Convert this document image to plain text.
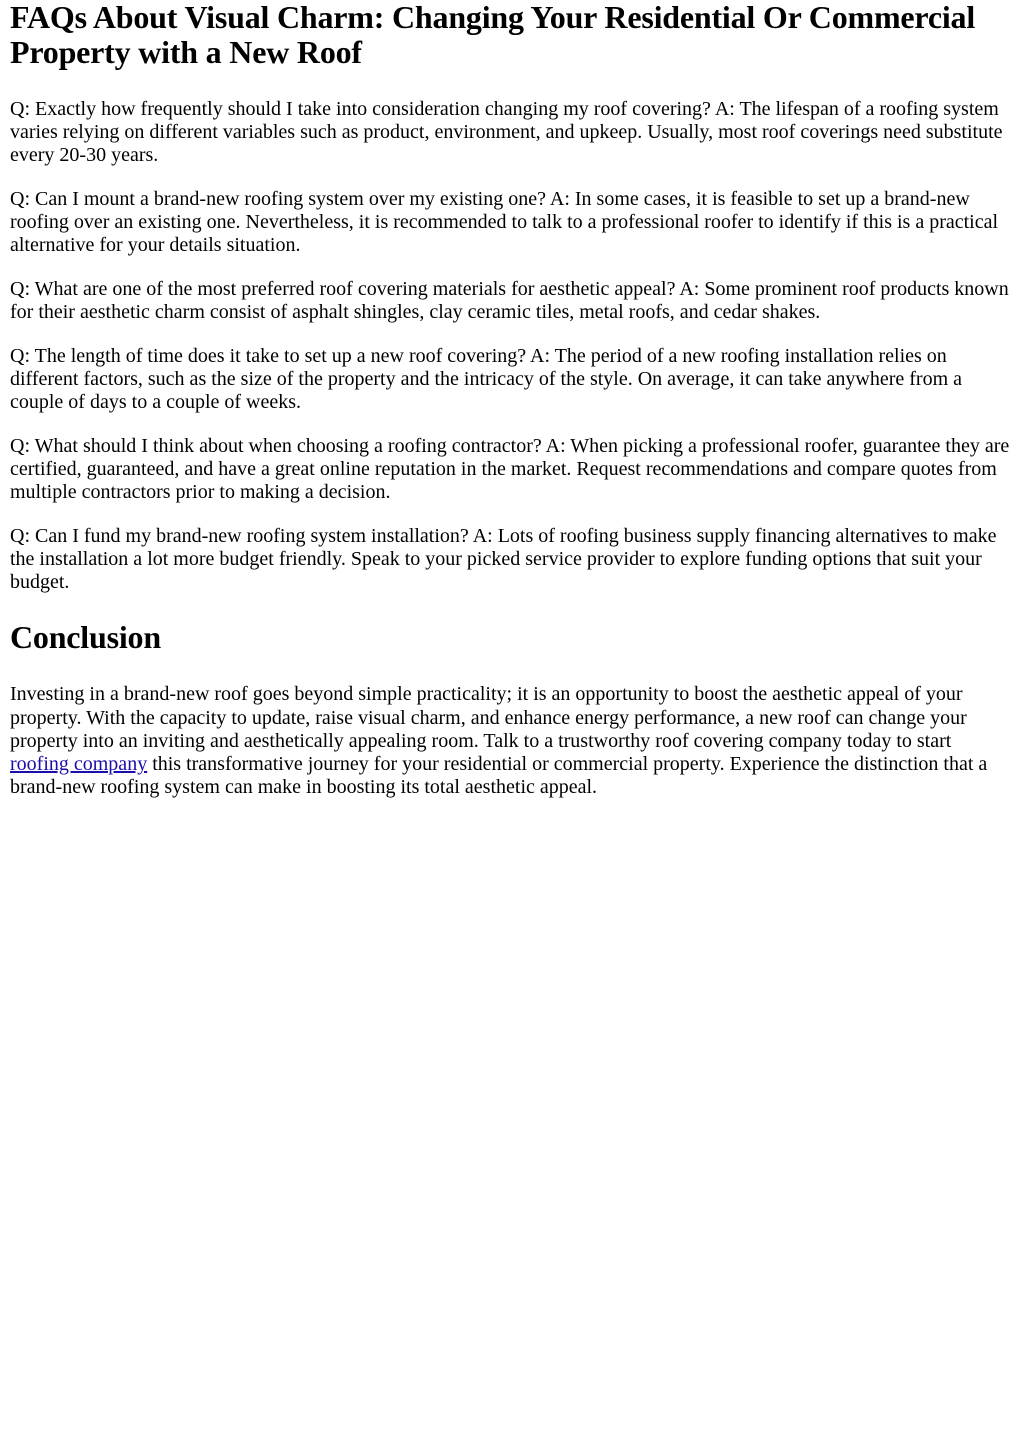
FAQs About Visual Charm: Changing Your Residential Or Commercial Property with a New Roof

Q: Exactly how frequently should I take into consideration changing my roof covering? A: The lifespan of a roofing system varies relying on different variables such as product, environment, and upkeep. Usually, most roof coverings need substitute every 20-30 years.

Q: Can I mount a brand-new roofing system over my existing one? A: In some cases, it is feasible to set up a brand-new roofing over an existing one. Nevertheless, it is recommended to talk to a professional roofer to identify if this is a practical alternative for your details situation.

Q: What are one of the most preferred roof covering materials for aesthetic appeal? A: Some prominent roof products known for their aesthetic charm consist of asphalt shingles, clay ceramic tiles, metal roofs, and cedar shakes.

Q: The length of time does it take to set up a new roof covering? A: The period of a new roofing installation relies on different factors, such as the size of the property and the intricacy of the style. On average, it can take anywhere from a couple of days to a couple of weeks.

Q: What should I think about when choosing a roofing contractor? A: When picking a professional roofer, guarantee they are certified, guaranteed, and have a great online reputation in the market. Request recommendations and compare quotes from multiple contractors prior to making a decision.

Q: Can I fund my brand-new roofing system installation? A: Lots of roofing business supply financing alternatives to make the installation a lot more budget friendly. Speak to your picked service provider to explore funding options that suit your budget.

Conclusion

Investing in a brand-new roof goes beyond simple practicality; it is an opportunity to boost the aesthetic appeal of your property. With the capacity to update, raise visual charm, and enhance energy performance, a new roof can change your property into an inviting and aesthetically appealing room. Talk to a trustworthy roof covering company today to start roofing company this transformative journey for your residential or commercial property. Experience the distinction that a brand-new roofing system can make in boosting its total aesthetic appeal.
